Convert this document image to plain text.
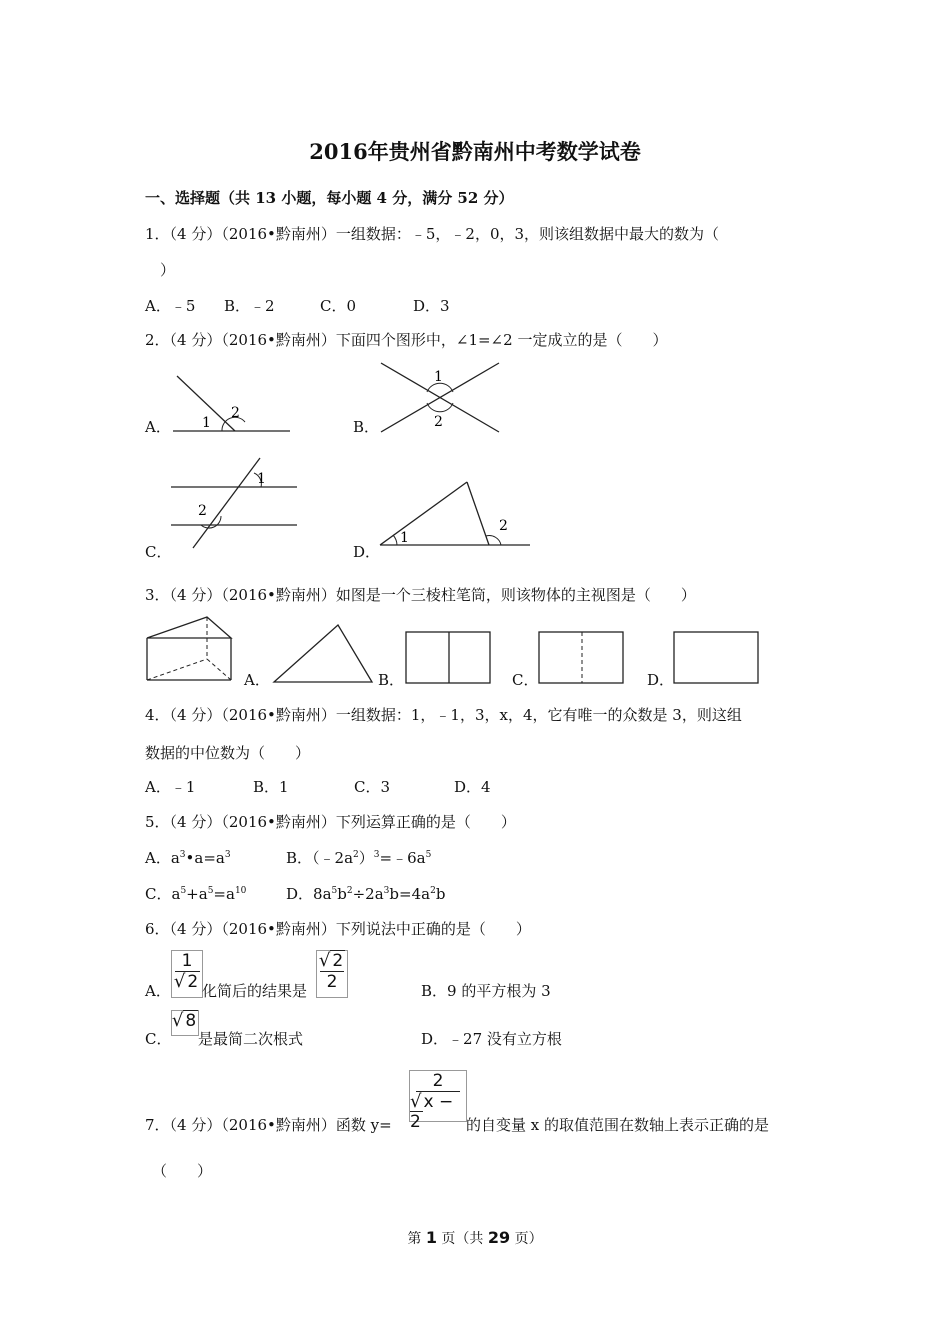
2016年贵州省黔南州中考数学试卷
一、选择题（共 13 小题，每小题 4 分，满分 52 分）
1．（4 分）（2016•黔南州）一组数据：﹣5，﹣2，0，3，则该组数据中最大的数为（
）
A．﹣5 B．﹣2	C．0	D．3
2．（4 分）（2016•黔南州）下面四个图形中，∠1=∠2 一定成立的是（　　）
A． 1
2
B．
1
2
C．
1
2
D．
1
2
3．（4 分）（2016•黔南州）如图是一个三棱柱笔筒，则该物体的主视图是（　　）
A．	B．	C．	D．
4．（4 分）（2016•黔南州）一组数据：1，﹣1，3，x，4，它有唯一的众数是 3，则这组
数据的中位数为（　　）
A．﹣1	B．1	C．3	D．4
5．（4 分）（2016•黔南州）下列运算正确的是（　　）
A．$a^3•a=a^3$	B．$(﹣2a^2)^3=﹣6a^5$
C．$a^5+a^5=a^{10}$	D．$8a^5b^2\div 2a^3b=4a^2b$
6．（4 分）（2016•黔南州）下列说法中正确的是（　　）
A．
1
√ 2 化简后的结果是
√ 2
2	B．9 的平方根为 3
C．
√ 8
是最简二次根式	D．﹣27 没有立方根
7．（4 分）（2016•黔南州）函数 y=
2
√ x − 2	的自变量 x 的取值范围在数轴上表示正确的是
（　　）
第 1 页（共 29 页）
